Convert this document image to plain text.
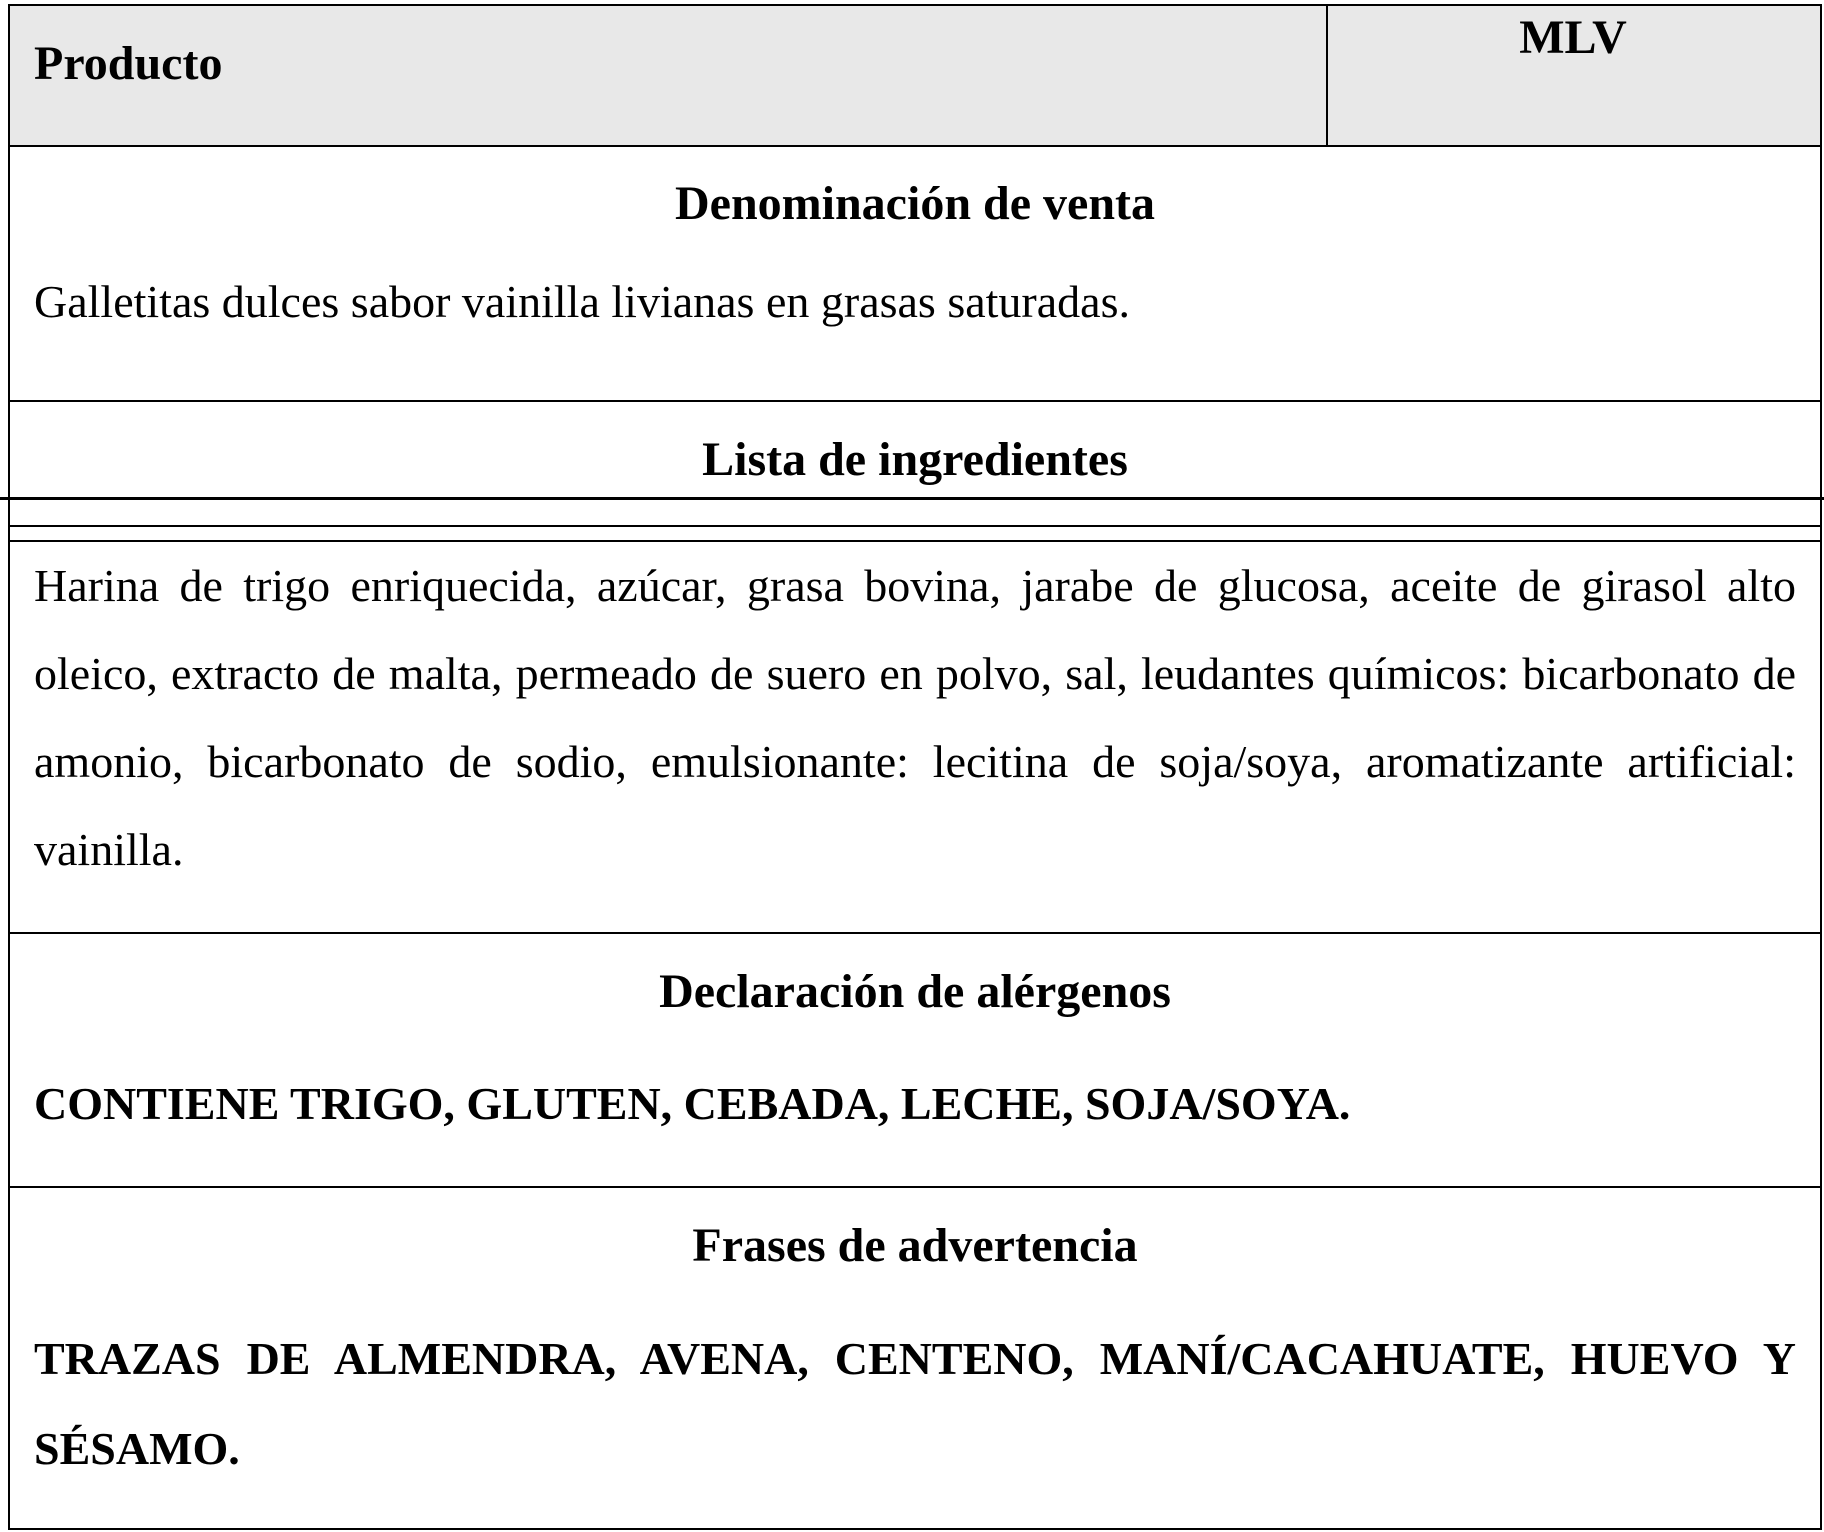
Producto	MLV
Denominación de venta
Galletitas dulces sabor vainilla livianas en grasas saturadas.
Lista de ingredientes
Harina de trigo enriquecida, azúcar, grasa bovina, jarabe de glucosa, aceite de girasol alto oleico, extracto de malta, permeado de suero en polvo, sal, leudantes químicos: bicarbonato de amonio, bicarbonato de sodio, emulsionante: lecitina de soja/soya, aromatizante artificial: vainilla.
Declaración de alérgenos
CONTIENE TRIGO, GLUTEN, CEBADA, LECHE, SOJA/SOYA.
Frases de advertencia
TRAZAS DE ALMENDRA, AVENA, CENTENO, MANÍ/CACAHUATE, HUEVO Y SÉSAMO.
